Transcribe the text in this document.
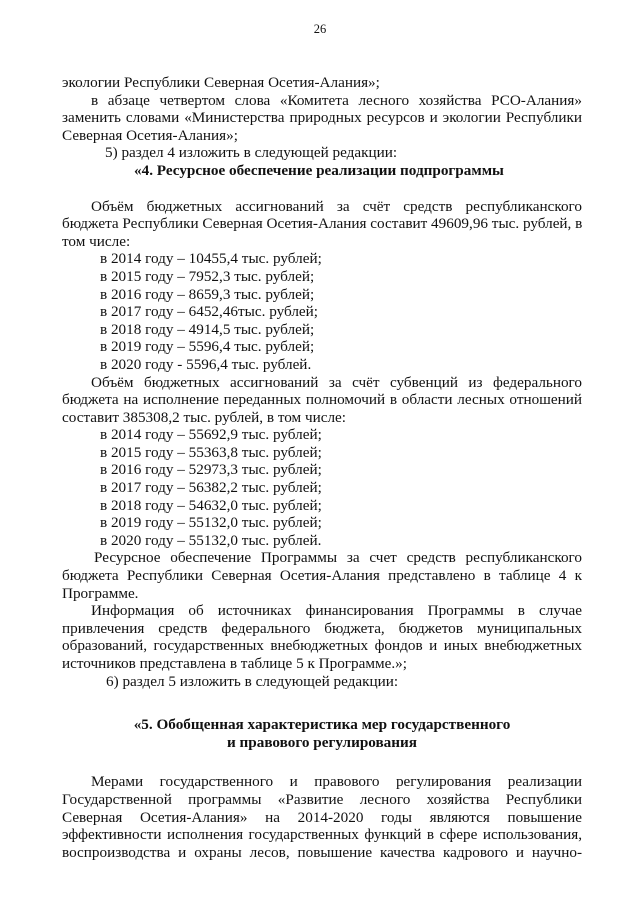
26
экологии Республики Северная Осетия-Алания»;
в абзаце четвертом слова «Комитета лесного хозяйства РСО-Алания»
заменить словами «Министерства природных ресурсов и экологии Республики
Северная Осетия-Алания»;
5) раздел 4 изложить в следующей редакции:
«4. Ресурсное обеспечение реализации подпрограммы
Объём бюджетных ассигнований за счёт средств республиканского
бюджета Республики Северная Осетия-Алания составит 49609,96 тыс. рублей, в
том числе:
в 2014 году – 10455,4 тыс. рублей;
в 2015 году – 7952,3 тыс. рублей;
в 2016 году – 8659,3 тыс. рублей;
в 2017 году – 6452,46тыс. рублей;
в 2018 году – 4914,5 тыс. рублей;
в 2019 году – 5596,4 тыс. рублей;
в 2020 году - 5596,4 тыс. рублей.
Объём бюджетных ассигнований за счёт субвенций из федерального
бюджета на исполнение переданных полномочий в области лесных отношений
составит 385308,2 тыс. рублей, в том числе:
в 2014 году – 55692,9 тыс. рублей;
в 2015 году – 55363,8 тыс. рублей;
в 2016 году – 52973,3 тыс. рублей;
в 2017 году – 56382,2 тыс. рублей;
в 2018 году – 54632,0 тыс. рублей;
в 2019 году – 55132,0 тыс. рублей;
в 2020 году – 55132,0 тыс. рублей.
Ресурсное обеспечение Программы за счет средств республиканского
бюджета Республики Северная Осетия-Алания представлено в таблице 4 к
Программе.
Информация об источниках финансирования Программы в случае
привлечения средств федерального бюджета, бюджетов муниципальных
образований, государственных внебюджетных фондов и иных внебюджетных
источников представлена в таблице 5 к Программе.»;
6) раздел 5 изложить в следующей редакции:
«5. Обобщенная характеристика мер государственного
и правового регулирования
Мерами государственного и правового регулирования реализации
Государственной программы «Развитие лесного хозяйства Республики
Северная Осетия-Алания» на 2014-2020 годы являются повышение
эффективности исполнения государственных функций в сфере использования,
воспроизводства и охраны лесов, повышение качества кадрового и научно-
